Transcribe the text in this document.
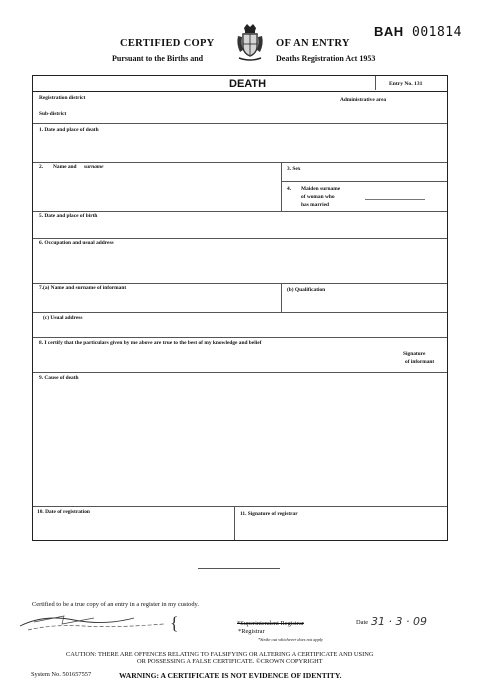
BAH 001814
CERTIFIED COPY	OF AN ENTRY
Pursuant to the Births and	Deaths Registration Act 1953
DEATH	Entry No. 131
Registration district	Administrative area
Sub-district
1. Date and place of death
2. Name and surname	3. Sex
4. Maiden surname
of woman who
has married
5. Date and place of birth
6. Occupation and usual address
7.(a) Name and surname of informant	(b) Qualification
(c) Usual address
8. I certify that the particulars given by me above are true to the best of my knowledge and belief
Signature
of informant
9. Cause of death
10. Date of registration	11. Signature of registrar
Certified to be a true copy of an entry in a register in my custody.
{	*Superintendent Registrar
*Registrar
*Strike out whichever does not apply
Date 31 · 3 · 09
CAUTION: THERE ARE OFFENCES RELATING TO FALSIFYING OR ALTERING A CERTIFICATE AND USING
OR POSSESSING A FALSE CERTIFICATE. ©CROWN COPYRIGHT
System No. 501657557	WARNING: A CERTIFICATE IS NOT EVIDENCE OF IDENTITY.
